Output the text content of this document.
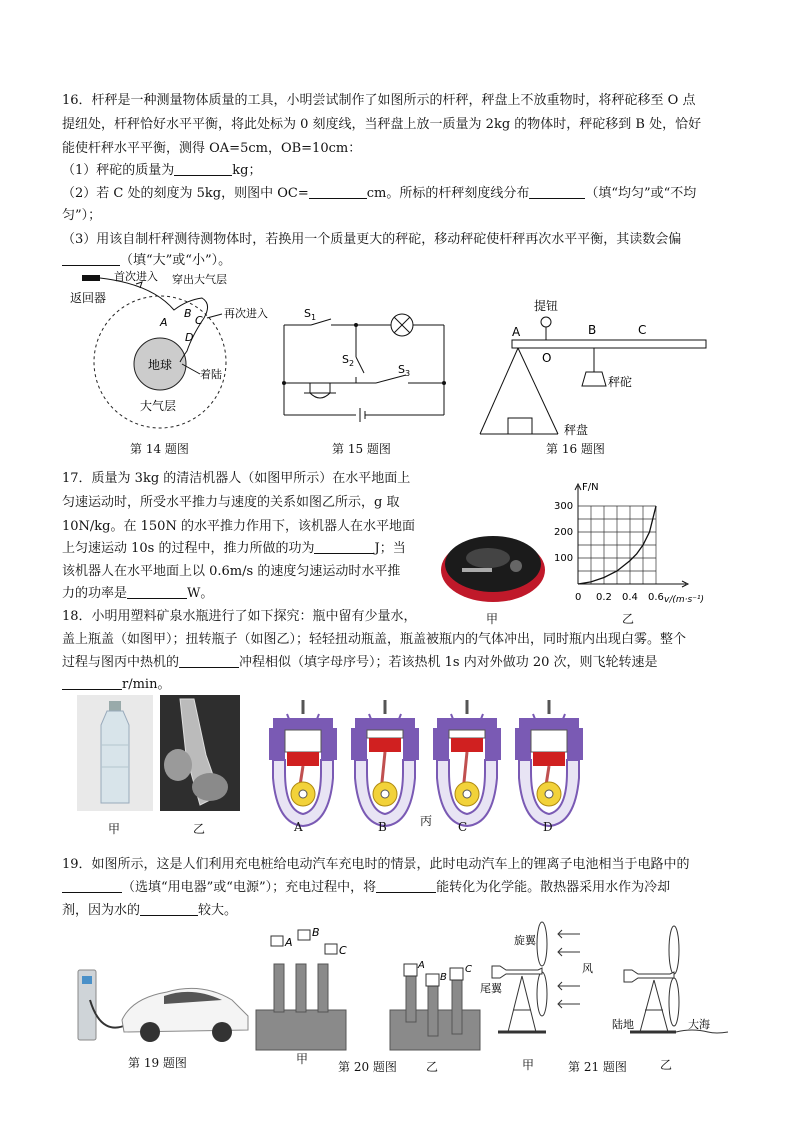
16．杆秤是一种测量物体质量的工具，小明尝试制作了如图所示的杆秤，秤盘上不放重物时，将秤砣移至 O 点
提纽处，杆秤恰好水平平衡，将此处标为 0 刻度线，当秤盘上放一质量为 2kg 的物体时，秤砣移到 B 处，恰好
能使杆秤水平平衡，测得 OA=5cm，OB=10cm：
（1）秤砣的质量为	kg；
（2）若 C 处的刻度为 5kg，则图中 OC=	cm。所标的杆秤刻度线分布	（填“均匀”或“不均
匀”）；
（3）用该自制杆秤测待测物体时，若换用一个质量更大的秤砣，移动秤砣使杆秤再次水平平衡，其读数会偏
（填“大”或“小”）。
返回器
首次进入 穿出大气层
地球
大气层
A
B
C
D
再次进入
着陆
第 14 题图
$S_1$
$S_2$	$S_3$
第 15 题图
提钮
A
O
B	C
秤砣
秤盘
第 16 题图
17．质量为 3kg 的清洁机器人（如图甲所示）在水平地面上
匀速运动时，所受水平推力与速度的关系如图乙所示，g 取
10N/kg。在 150N 的水平推力作用下，该机器人在水平地面
上匀速运动 10s 的过程中，推力所做的功为	J；当
该机器人在水平地面上以 0.6m/s 的速度匀速运动时水平推
力的功率是	W。
甲
F/N
v/(m·s⁻¹)
0 0.2 0.4 0.6
100
200
300
乙
18．小明用塑料矿泉水瓶进行了如下探究：瓶中留有少量水，
盖上瓶盖（如图甲）；扭转瓶子（如图乙）；轻轻扭动瓶盖，瓶盖被瓶内的气体冲出，同时瓶内出现白雾。整个
过程与图丙中热机的	冲程相似（填字母序号）；若该热机 1s 内对外做功 20 次，则飞轮转速是
r/min。
甲	乙	A	B	丙 C	D
19．如图所示，这是人们利用充电桩给电动汽车充电时的情景，此时电动汽车上的锂离子电池相当于电路中的
（选填“用电器”或“电源”）；充电过程中，将	能转化为化学能。散热器采用水作为冷却
剂，因为水的	较大。
第 19 题图
A
B
C
甲
第 20 题图
A
B
C
乙
旋翼
尾翼
风
甲	第 21 题图
陆地	大海
乙
